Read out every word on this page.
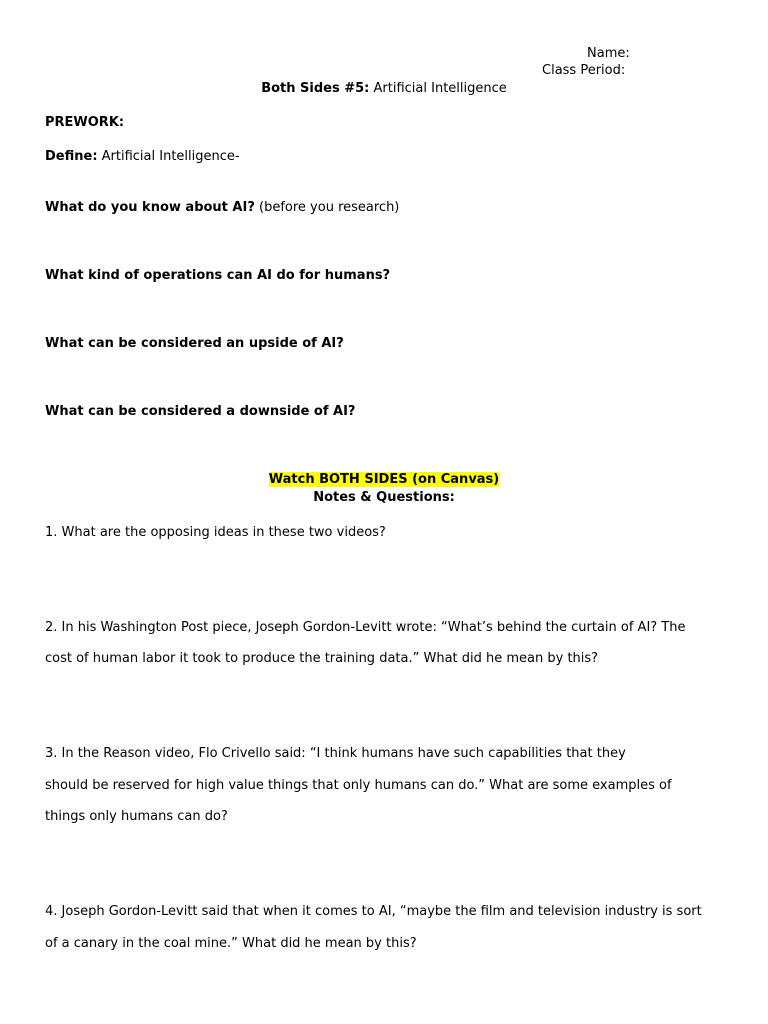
Name:
Class Period:
Both Sides #5: Artificial Intelligence
PREWORK:
Define: Artificial Intelligence-
What do you know about AI? (before you research)
What kind of operations can AI do for humans?
What can be considered an upside of AI?
What can be considered a downside of AI?
Watch BOTH SIDES (on Canvas)
Notes & Questions:
1. What are the opposing ideas in these two videos?
2. In his Washington Post piece, Joseph Gordon-Levitt wrote: “What’s behind the curtain of AI? The
cost of human labor it took to produce the training data.” What did he mean by this?
3. In the Reason video, Flo Crivello said: “I think humans have such capabilities that they
should be reserved for high value things that only humans can do.” What are some examples of
things only humans can do?
4. Joseph Gordon-Levitt said that when it comes to AI, “maybe the film and television industry is sort
of a canary in the coal mine.” What did he mean by this?
